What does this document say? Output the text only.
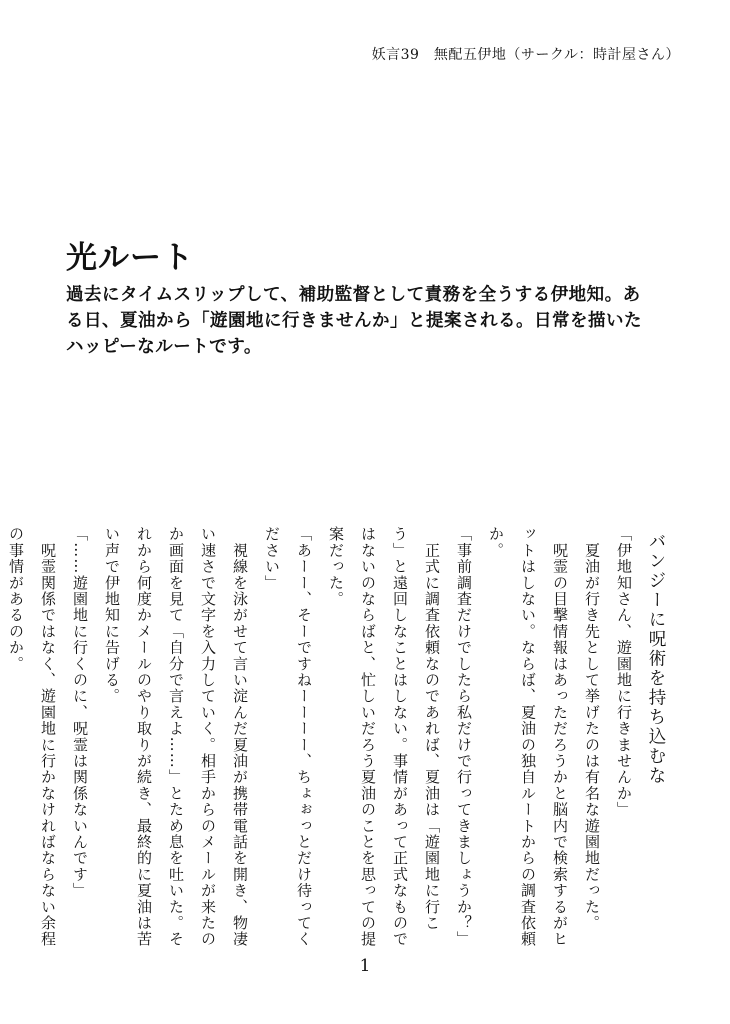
妖言39　無配五伊地（サークル：時計屋さん）
光ルート

過去にタイムスリップして、補助監督として責務を全うする伊地知。ある日、夏油から「遊園地に行きませんか」と提案される。日常を描いたハッピーなルートです。

バンジーに呪術を持ち込むな

「伊地知さん、遊園地に行きませんか」

　夏油が行き先として挙げたのは有名な遊園地だった。

　呪霊の目撃情報はあっただろうかと脳内で検索するがヒットはしない。ならば、夏油の独自ルートからの調査依頼か。

「事前調査だけでしたら私だけで行ってきましょうか？」

　正式に調査依頼なのであれば、夏油は「遊園地に行こう」と遠回しなことはしない。事情があって正式なものではないのならばと、忙しいだろう夏油のことを思っての提案だった。

「あーー、そーですねーーーー、ちょぉっとだけ待ってください」

　視線を泳がせて言い淀んだ夏油が携帯電話を開き、物凄い速さで文字を入力していく。相手からのメールが来たのか画面を見て「自分で言えよ……」とため息を吐いた。それから何度かメールのやり取りが続き、最終的に夏油は苦い声で伊地知に告げる。

「……遊園地に行くのに、呪霊は関係ないんです」

　呪霊関係ではなく、遊園地に行かなければならない余程の事情があるのか。

1
